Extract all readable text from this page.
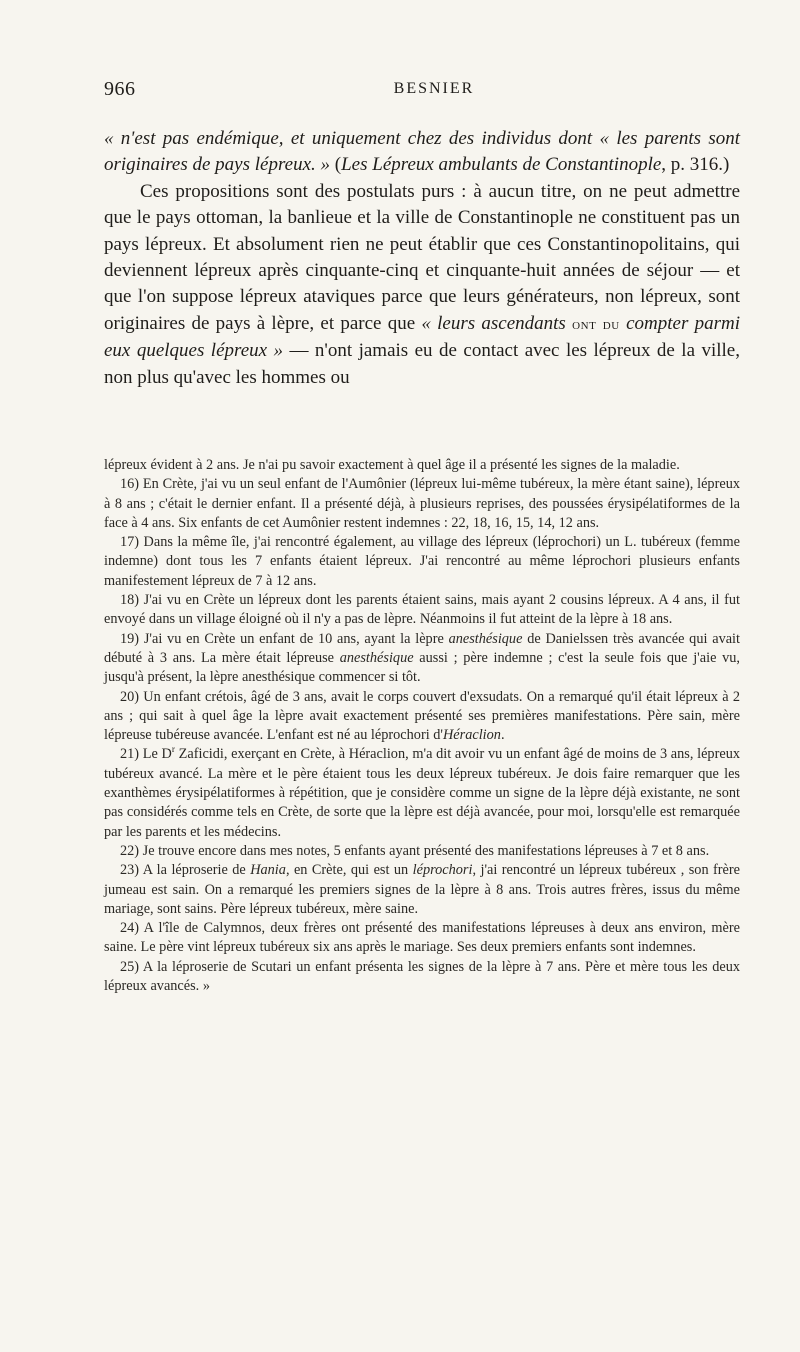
966	BESNIER

« n'est pas endémique, et uniquement chez des individus dont « les parents sont originaires de pays lépreux. » (Les Lépreux ambulants de Constantinople, p. 316.)

Ces propositions sont des postulats purs : à aucun titre, on ne peut admettre que le pays ottoman, la banlieue et la ville de Constantinople ne constituent pas un pays lépreux. Et absolument rien ne peut établir que ces Constantinopolitains, qui deviennent lépreux après cinquante-cinq et cinquante-huit années de séjour — et que l'on suppose lépreux ataviques parce que leurs générateurs, non lépreux, sont originaires de pays à lèpre, et parce que « leurs ascendants ont du compter parmi eux quelques lépreux » — n'ont jamais eu de contact avec les lépreux de la ville, non plus qu'avec les hommes ou

lépreux évident à 2 ans. Je n'ai pu savoir exactement à quel âge il a présenté les signes de la maladie.

16) En Crète, j'ai vu un seul enfant de l'Aumônier (lépreux lui-même tubéreux, la mère étant saine), lépreux à 8 ans ; c'était le dernier enfant. Il a présenté déjà, à plusieurs reprises, des poussées érysipélatiformes de la face à 4 ans. Six enfants de cet Aumônier restent indemnes : 22, 18, 16, 15, 14, 12 ans.

17) Dans la même île, j'ai rencontré également, au village des lépreux (léprochori) un L. tubéreux (femme indemne) dont tous les 7 enfants étaient lépreux. J'ai rencontré au même léprochori plusieurs enfants manifestement lépreux de 7 à 12 ans.

18) J'ai vu en Crète un lépreux dont les parents étaient sains, mais ayant 2 cousins lépreux. A 4 ans, il fut envoyé dans un village éloigné où il n'y a pas de lèpre. Néanmoins il fut atteint de la lèpre à 18 ans.

19) J'ai vu en Crète un enfant de 10 ans, ayant la lèpre anesthésique de Danielssen très avancée qui avait débuté à 3 ans. La mère était lépreuse anesthésique aussi ; père indemne ; c'est la seule fois que j'aie vu, jusqu'à présent, la lèpre anesthésique commencer si tôt.

20) Un enfant crétois, âgé de 3 ans, avait le corps couvert d'exsudats. On a remarqué qu'il était lépreux à 2 ans ; qui sait à quel âge la lèpre avait exactement présenté ses premières manifestations. Père sain, mère lépreuse tubéreuse avancée. L'enfant est né au léprochori d'Héraclion.

21) Le $D^r$ Zaficidi, exerçant en Crète, à Héraclion, m'a dit avoir vu un enfant âgé de moins de 3 ans, lépreux tubéreux avancé. La mère et le père étaient tous les deux lépreux tubéreux. Je dois faire remarquer que les exanthèmes érysipélatiformes à répétition, que je considère comme un signe de la lèpre déjà existante, ne sont pas considérés comme tels en Crète, de sorte que la lèpre est déjà avancée, pour moi, lorsqu'elle est remarquée par les parents et les médecins.

22) Je trouve encore dans mes notes, 5 enfants ayant présenté des manifestations lépreuses à 7 et 8 ans.

23) A la léproserie de Hania, en Crète, qui est un léprochori, j'ai rencontré un lépreux tubéreux , son frère jumeau est sain. On a remarqué les premiers signes de la lèpre à 8 ans. Trois autres frères, issus du même mariage, sont sains. Père lépreux tubéreux, mère saine.

24) A l'île de Calymnos, deux frères ont présenté des manifestations lépreuses à deux ans environ, mère saine. Le père vint lépreux tubéreux six ans après le mariage. Ses deux premiers enfants sont indemnes.

25) A la léproserie de Scutari un enfant présenta les signes de la lèpre à 7 ans. Père et mère tous les deux lépreux avancés. »
